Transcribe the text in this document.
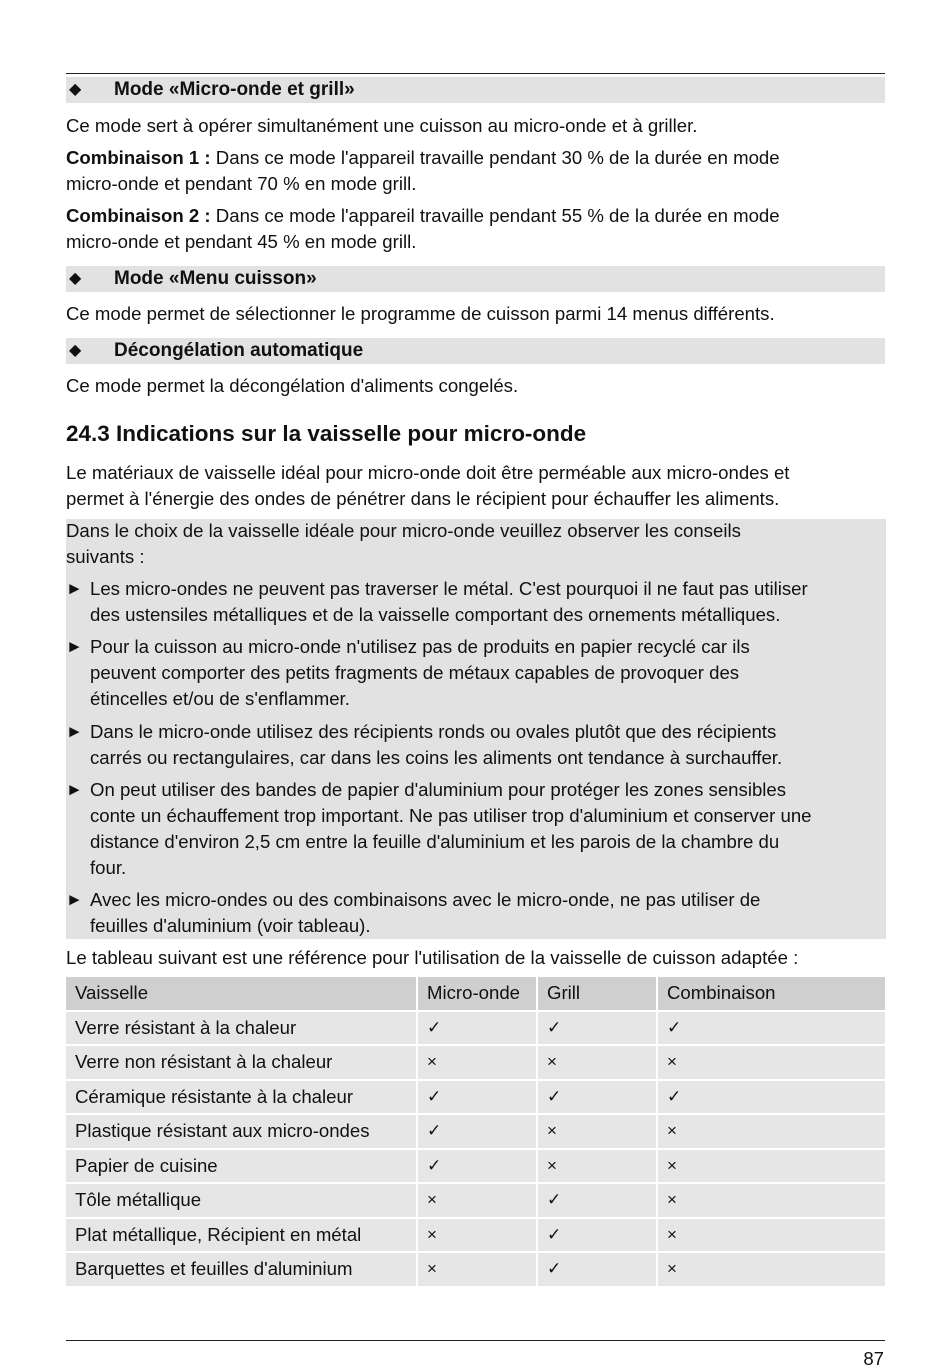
◆ Mode «Micro-onde et grill»
Ce mode sert à opérer simultanément une cuisson au micro-onde et à griller.
Combinaison 1 : Dans ce mode l'appareil travaille pendant 30 % de la durée en mode
micro-onde et pendant 70 % en mode grill.
Combinaison 2 : Dans ce mode l'appareil travaille pendant 55 % de la durée en mode
micro-onde et pendant 45 % en mode grill.
◆ Mode «Menu cuisson»
Ce mode permet de sélectionner le programme de cuisson parmi 14 menus différents.
◆ Décongélation automatique
Ce mode permet la décongélation d'aliments congelés.
24.3 Indications sur la vaisselle pour micro-onde
Le matériaux de vaisselle idéal pour micro-onde doit être perméable aux micro-ondes et
permet à l'énergie des ondes de pénétrer dans le récipient pour échauffer les aliments.
Dans le choix de la vaisselle idéale pour micro-onde veuillez observer les conseils
suivants :
► Les micro-ondes ne peuvent pas traverser le métal. C'est pourquoi il ne faut pas utiliser
des ustensiles métalliques et de la vaisselle comportant des ornements métalliques.
► Pour la cuisson au micro-onde n'utilisez pas de produits en papier recyclé car ils
peuvent comporter des petits fragments de métaux capables de provoquer des
étincelles et/ou de s'enflammer.
► Dans le micro-onde utilisez des récipients ronds ou ovales plutôt que des récipients
carrés ou rectangulaires, car dans les coins les aliments ont tendance à surchauffer.
► On peut utiliser des bandes de papier d'aluminium pour protéger les zones sensibles
conte un échauffement trop important. Ne pas utiliser trop d'aluminium et conserver une
distance d'environ 2,5 cm entre la feuille d'aluminium et les parois de la chambre du
four.
► Avec les micro-ondes ou des combinaisons avec le micro-onde, ne pas utiliser de
feuilles d'aluminium (voir tableau).
Le tableau suivant est une référence pour l'utilisation de la vaisselle de cuisson adaptée :
Vaisselle	Micro-onde	Grill	Combinaison
Verre résistant à la chaleur	✓	✓	✓
Verre non résistant à la chaleur	×	×	×
Céramique résistante à la chaleur	✓	✓	✓
Plastique résistant aux micro-ondes	✓	×	×
Papier de cuisine	✓	×	×
Tôle métallique	×	✓	×
Plat métallique, Récipient en métal	×	✓	×
Barquettes et feuilles d'aluminium	×	✓	×
87
